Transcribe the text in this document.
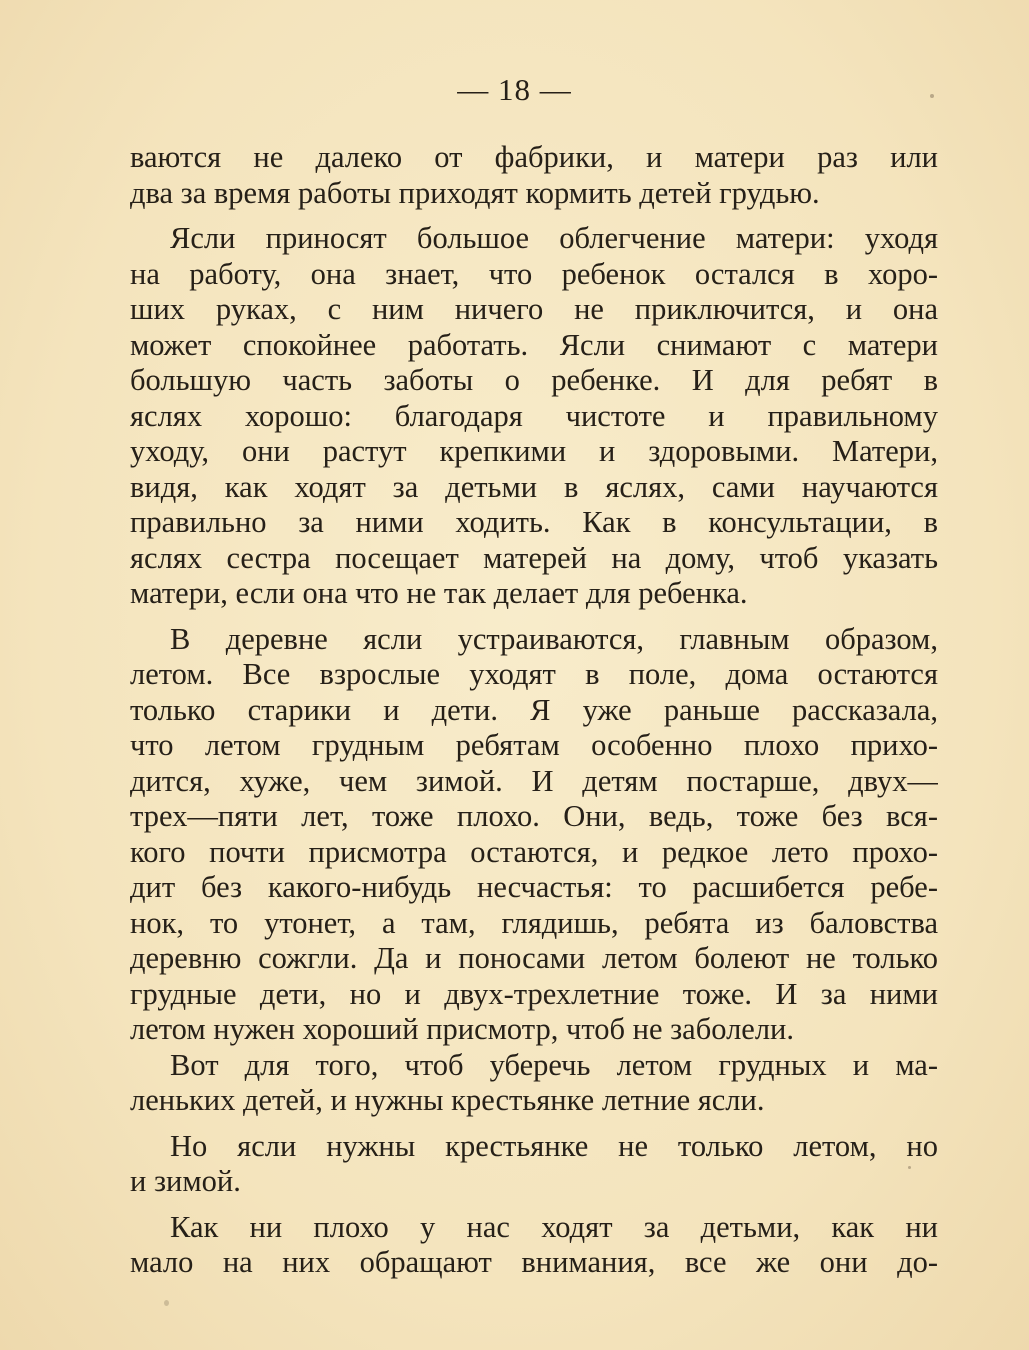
— 18 —
ваются не далеко от фабрики, и матери раз или
два за время работы приходят кормить детей грудью.
Ясли приносят большое облегчение матери: уходя
на работу, она знает, что ребенок остался в хоро-
ших руках, с ним ничего не приключится, и она
может спокойнее работать. Ясли снимают с матери
большую часть заботы о ребенке. И для ребят в
яслях хорошо: благодаря чистоте и правильному
уходу, они растут крепкими и здоровыми. Матери,
видя, как ходят за детьми в яслях, сами научаются
правильно за ними ходить. Как в консультации, в
яслях сестра посещает матерей на дому, чтоб указать
матери, если она что не так делает для ребенка.
В деревне ясли устраиваются, главным образом,
летом. Все взрослые уходят в поле, дома остаются
только старики и дети. Я уже раньше рассказала,
что летом грудным ребятам особенно плохо прихо-
дится, хуже, чем зимой. И детям постарше, двух—
трех—пяти лет, тоже плохо. Они, ведь, тоже без вся-
кого почти присмотра остаются, и редкое лето прохо-
дит без какого-нибудь несчастья: то расшибется ребе-
нок, то утонет, а там, глядишь, ребята из баловства
деревню сожгли. Да и поносами летом болеют не только
грудные дети, но и двух-трехлетние тоже. И за ними
летом нужен хороший присмотр, чтоб не заболели.
Вот для того, чтоб уберечь летом грудных и ма-
леньких детей, и нужны крестьянке летние ясли.
Но ясли нужны крестьянке не только летом, но
и зимой.
Как ни плохо у нас ходят за детьми, как ни
мало на них обращают внимания, все же они до-
